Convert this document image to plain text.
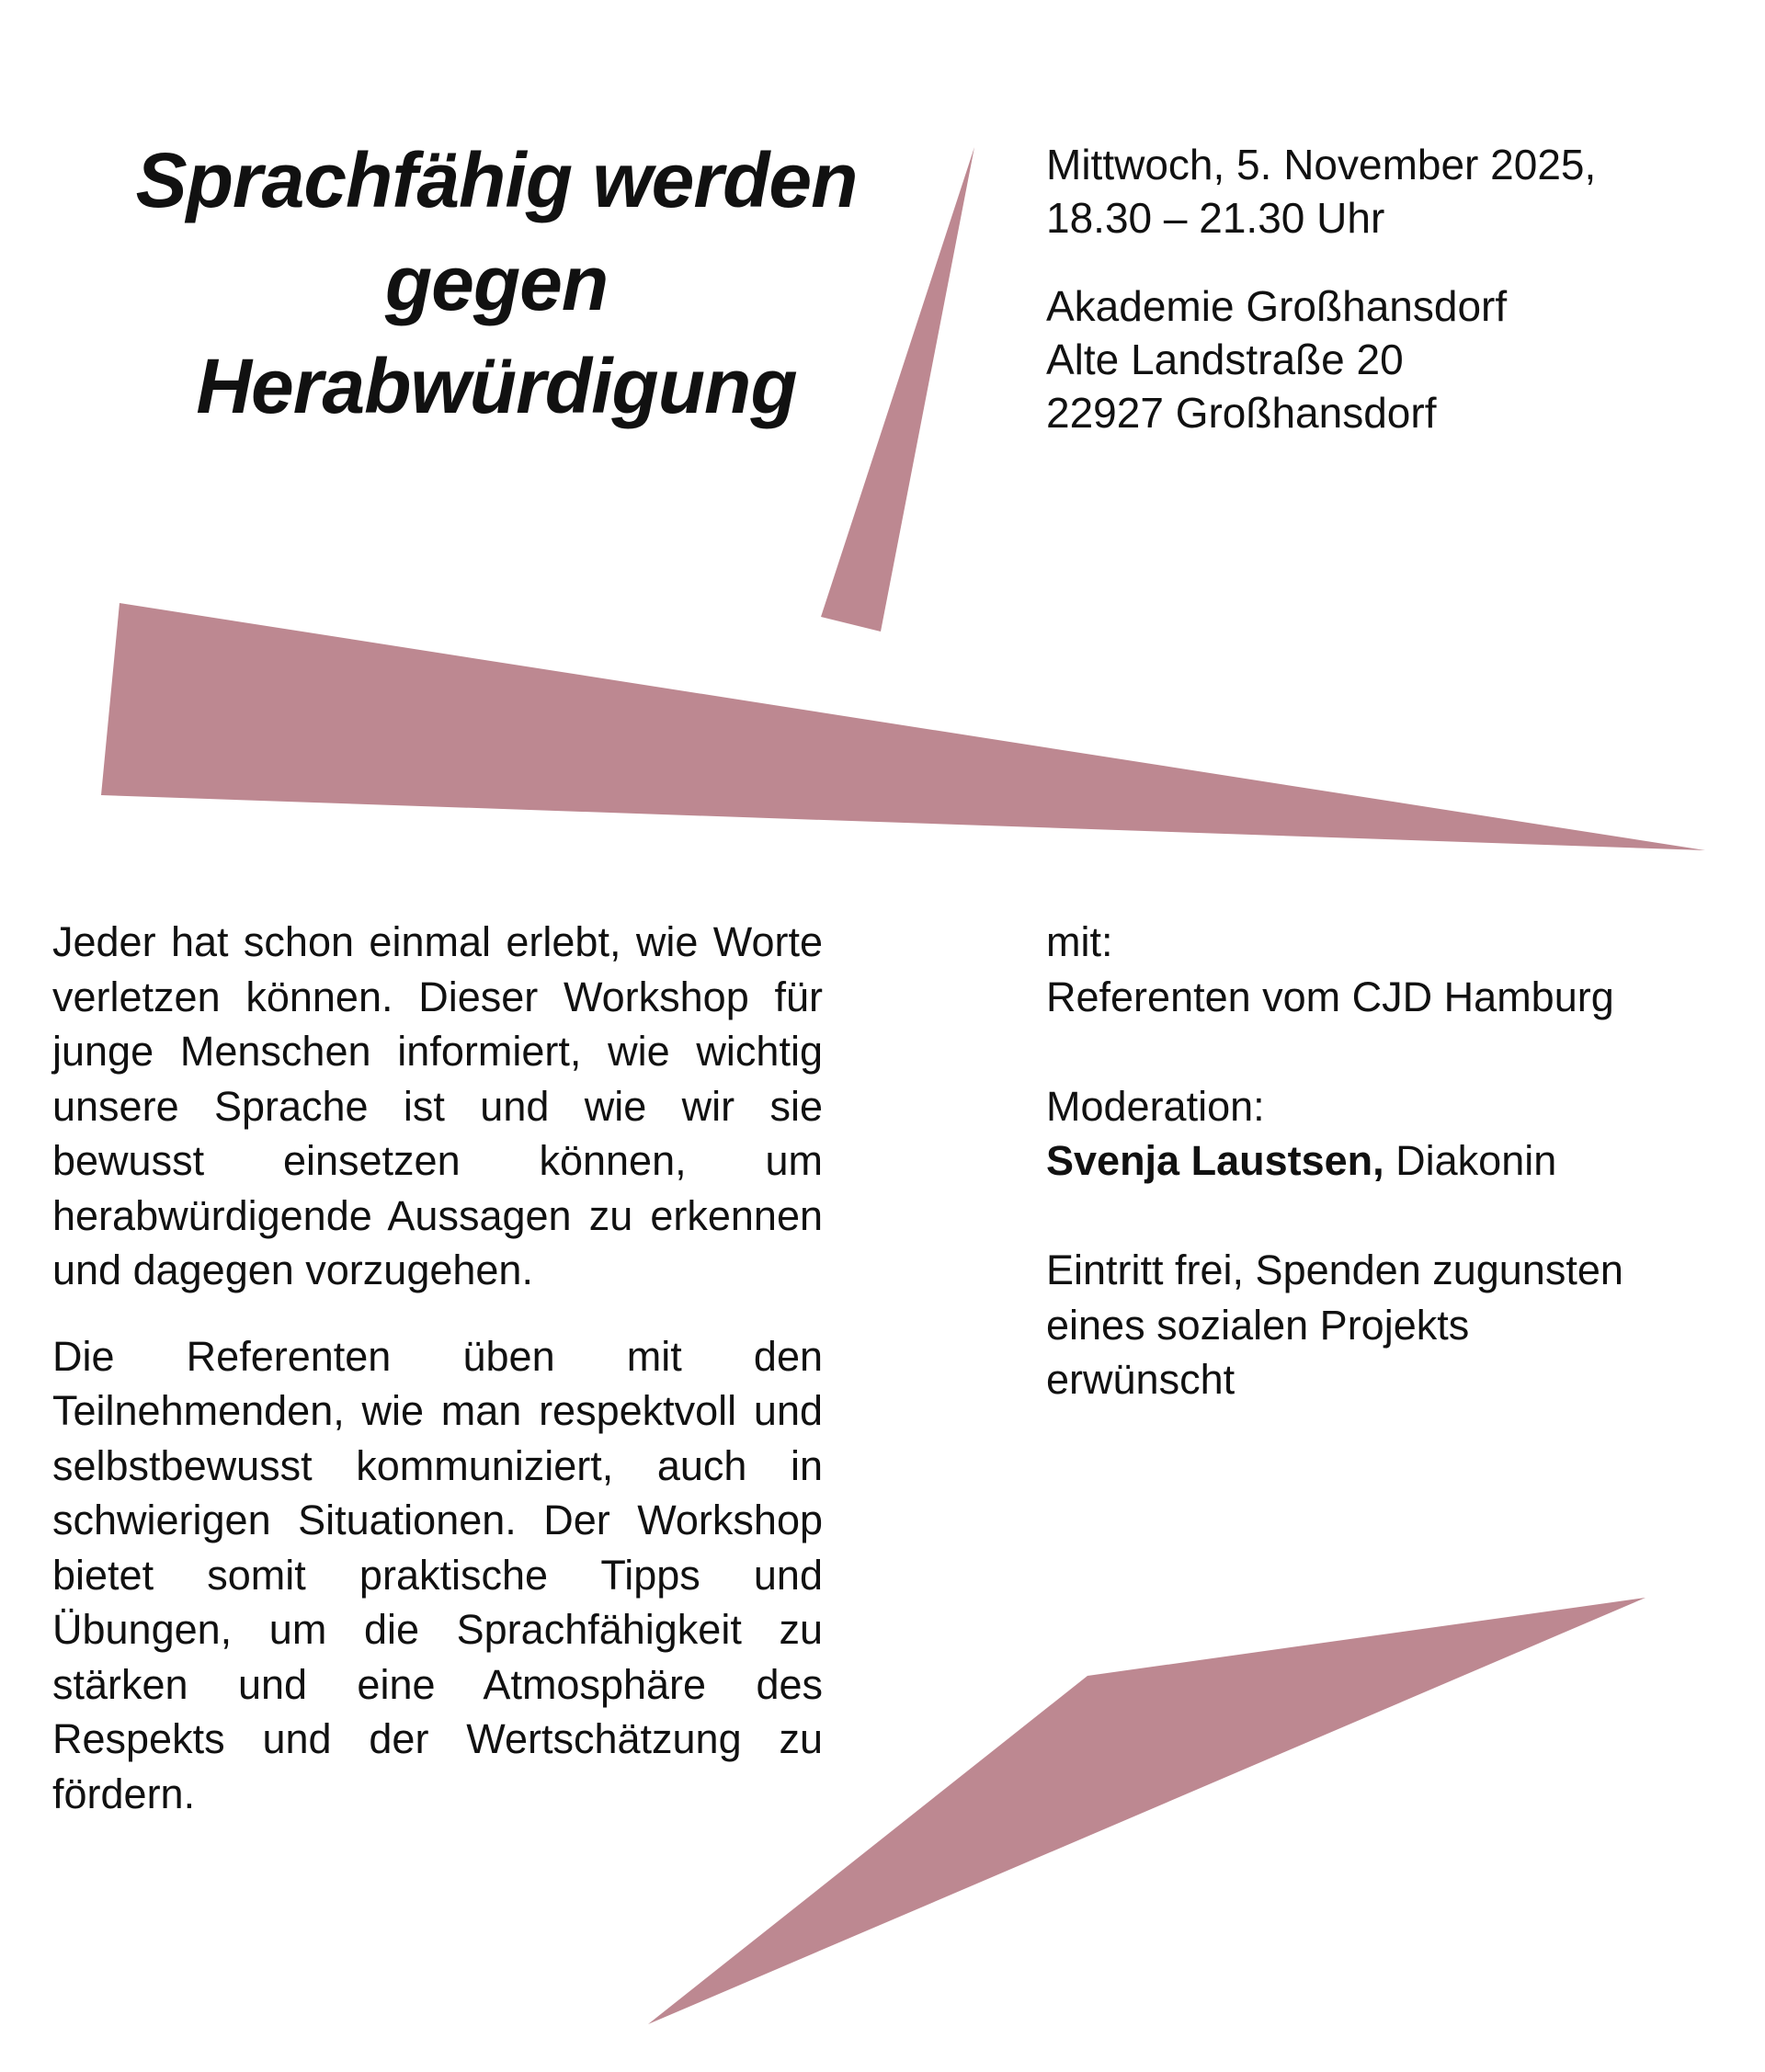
Sprachfähig werden
gegen
Herabwürdigung

Mittwoch, 5. November 2025,
18.30 – 21.30 Uhr

Akademie Großhansdorf
Alte Landstraße 20
22927 Großhansdorf

Jeder hat schon einmal erlebt, wie Worte verletzen können. Dieser Workshop für junge Menschen informiert, wie wichtig unsere Sprache ist und wie wir sie bewusst einsetzen können, um herabwürdigende Aussagen zu erkennen und dagegen vorzugehen.

Die Referenten üben mit den Teilnehmenden, wie man respektvoll und selbstbewusst kommuniziert, auch in schwierigen Situationen. Der Workshop bietet somit praktische Tipps und Übungen, um die Sprachfähigkeit zu stärken und eine Atmosphäre des Respekts und der Wertschätzung zu fördern.

mit:
Referenten vom CJD Hamburg

Moderation:
Svenja Laustsen, Diakonin

Eintritt frei, Spenden zugunsten
eines sozialen Projekts
erwünscht
